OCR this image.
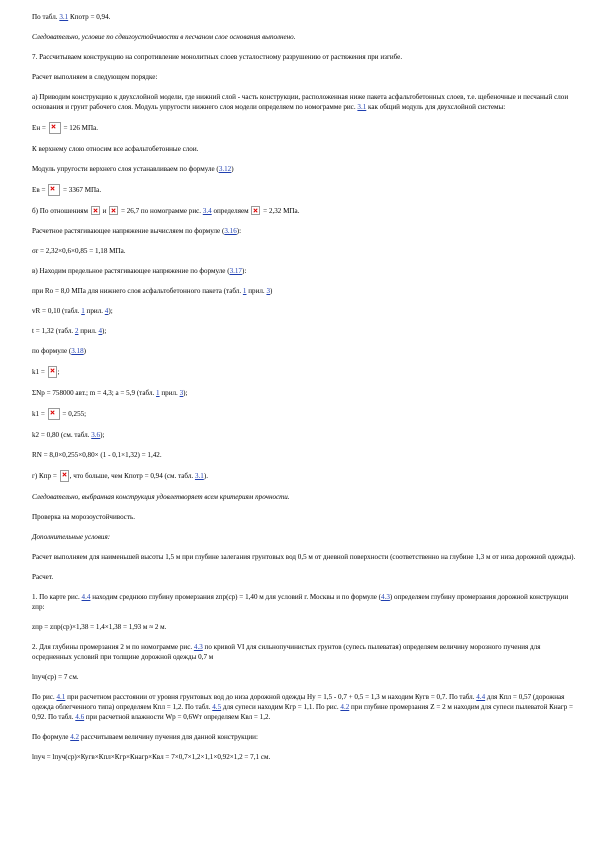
По табл. 3.1 Кпотр = 0,94.

Следовательно, условие по сдвигоустойчивости в песчаном слое основания выполнено.

7. Рассчитываем конструкцию на сопротивление монолитных слоев усталостному разрушению от растяжения при изгибе.

Расчет выполняем в следующем порядке:

а) Приводим конструкцию к двухслойной модели, где нижний слой - часть конструкции, расположенная ниже пакета асфальтобетонных слоев, т.е. щебеночные и песчаный слои основания и грунт рабочего слоя. Модуль упругости нижнего слоя модели определяем по номограмме рис. 3.1 как общий модуль для двухслойной системы:

Ен =  = 126 МПа.

К верхнему слою относим все асфальтобетонные слои.

Модуль упругости верхнего слоя устанавливаем по формуле (3.12)

Ев =  = 3367 МПа.

б) По отношениям  и  = 26,7 по номограмме рис. 3.4 определяем  = 2,32 МПа.

Расчетное растягивающее напряжение вычисляем по формуле (3.16):

σr = 2,32×0,6×0,85 = 1,18 МПа.

в) Находим предельное растягивающее напряжение по формуле (3.17):

при Ro = 8,0 МПа для нижнего слоя асфальтобетонного пакета (табл. 1 прил. 3)

vR = 0,10 (табл. 1 прил. 4);

t = 1,32 (табл. 2 прил. 4);

по формуле (3.18)

k1 = ;

ΣNp = 758000 авт.; m = 4,3; a = 5,9 (табл. 1 прил. 3);

k1 =  = 0,255;

k2 = 0,80 (см. табл. 3.6);

RN = 8,0×0,255×0,80× (1 - 0,1×1,32) = 1,42.

г) Кпр = , что больше, чем Кпотр = 0,94 (см. табл. 3.1).

Следовательно, выбранная конструкция удовлетворяет всем критериям прочности.

Проверка на морозоустойчивость.

Дополнительные условия:

Расчет выполняем для наименьшей высоты 1,5 м при глубине залегания грунтовых вод 0,5 м от дневной поверхности (соответственно на глубине 1,3 м от низа дорожной одежды).

Расчет.

1. По карте рис. 4.4 находим среднюю глубину промерзания zпр(ср) = 1,40 м для условий г. Москвы и по формуле (4.3) определяем глубину промерзания дорожной конструкции zпр:

zпр = zпр(ср)×1,38 = 1,4×1,38 = 1,93 м ≈ 2 м.

2. Для глубины промерзания 2 м по номограмме рис. 4.3 по кривой VI для сильнопучинистых грунтов (супесь пылеватая) определяем величину морозного пучения для осредненных условий при толщине дорожной одежды 0,7 м

lпуч(ср) = 7 см.

По рис. 4.1 при расчетном расстоянии от уровня грунтовых вод до низа дорожной одежды Hy = 1,5 - 0,7 + 0,5 = 1,3 м находим Кугв = 0,7. По табл. 4.4 для Кпл = 0,57 (дорожная одежда облегченного типа) определяем Кпл = 1,2. По табл. 4.5 для супеси находим Кгр = 1,1. По рис. 4.2 при глубине промерзания Z = 2 м находим для супеси пылеватой Кнагр = 0,92. По табл. 4.6 при расчетной влажности Wp = 0,6Wт определяем Квл = 1,2.

По формуле 4.2 рассчитываем величину пучения для данной конструкции:

lпуч = lпуч(ср)×Кугв×Кпл×Кгр×Кнагр×Квл = 7×0,7×1,2×1,1×0,92×1,2 = 7,1 см.
